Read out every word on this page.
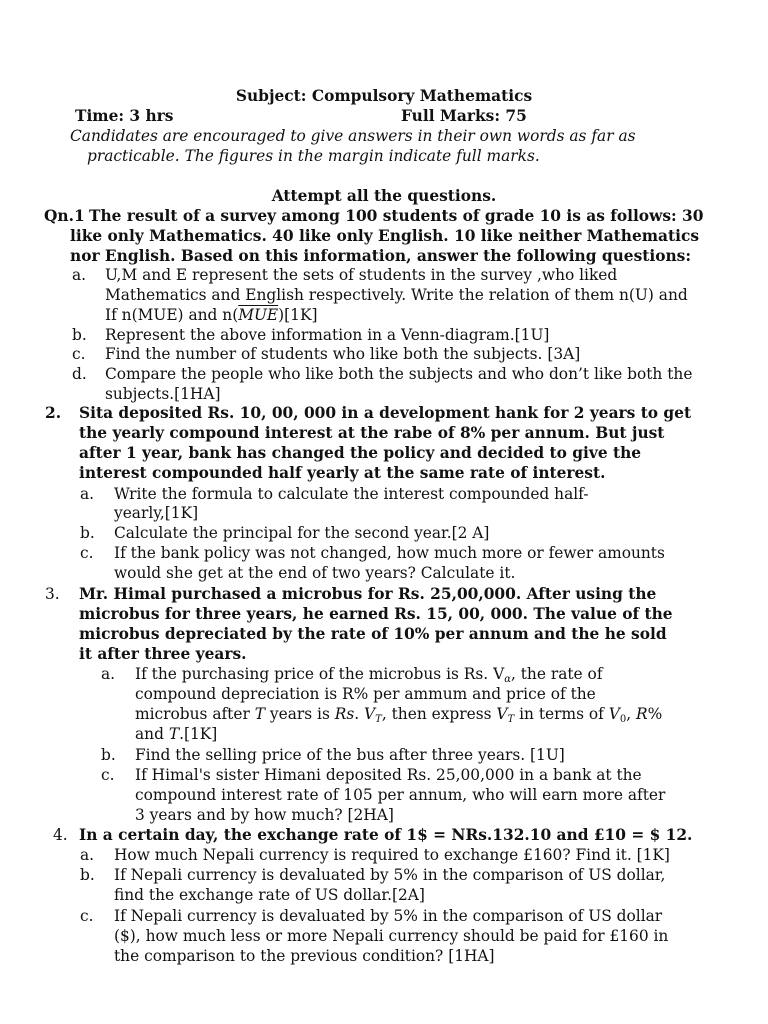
Subject: Compulsory Mathematics
Time: 3 hrs	Full Marks: 75
Candidates are encouraged to give answers in their own words as far as
practicable. The figures in the margin indicate full marks.
Attempt all the questions.
Qn.1 The result of a survey among 100 students of grade 10 is as follows: 30
like only Mathematics. 40 like only English. 10 like neither Mathematics
nor English. Based on this information, answer the following questions:
a. U,M and E represent the sets of students in the survey ,who liked
Mathematics and English respectively. Write the relation of them n(U) and
If n(MUE) and $n(\overline{MUE})[1K]$
b. Represent the above information in a Venn-diagram.[1U]
c. Find the number of students who like both the subjects. [3A]
d. Compare the people who like both the subjects and who don’t like both the
subjects.[1HA]
2. Sita deposited Rs. 10, 00, 000 in a development hank for 2 years to get
the yearly compound interest at the rabe of 8% per annum. But just
after 1 year, bank has changed the policy and decided to give the
interest compounded half yearly at the same rate of interest.
a. Write the formula to calculate the interest compounded half-
yearly,[1K]
b. Calculate the principal for the second year.[2 A]
c. If the bank policy was not changed, how much more or fewer amounts
would she get at the end of two years? Calculate it.
3. Mr. Himal purchased a microbus for Rs. 25,00,000. After using the
microbus for three years, he earned Rs. 15, 00, 000. The value of the
microbus depreciated by the rate of 10% per annum and the he sold
it after three years.
a. If the purchasing price of the microbus is Rs. $V_\alpha$, the rate of
compound depreciation is R% per ammum and price of the
microbus after T years is Rs. $V_T$, then express $V_T$ in terms of $V_0$, R%
and T.[1K]
b. Find the selling price of the bus after three years. [1U]
c. If Himal's sister Himani deposited Rs. 25,00,000 in a bank at the
compound interest rate of 105 per annum, who will earn more after
3 years and by how much? [2HA]
4. In a certain day, the exchange rate of 1$ = NRs.132.10 and £10 = $ 12.
a. How much Nepali currency is required to exchange £160? Find it. [1K]
b. If Nepali currency is devaluated by 5% in the comparison of US dollar,
find the exchange rate of US dollar.[2A]
c. If Nepali currency is devaluated by 5% in the comparison of US dollar
($), how much less or more Nepali currency should be paid for £160 in
the comparison to the previous condition? [1HA]
